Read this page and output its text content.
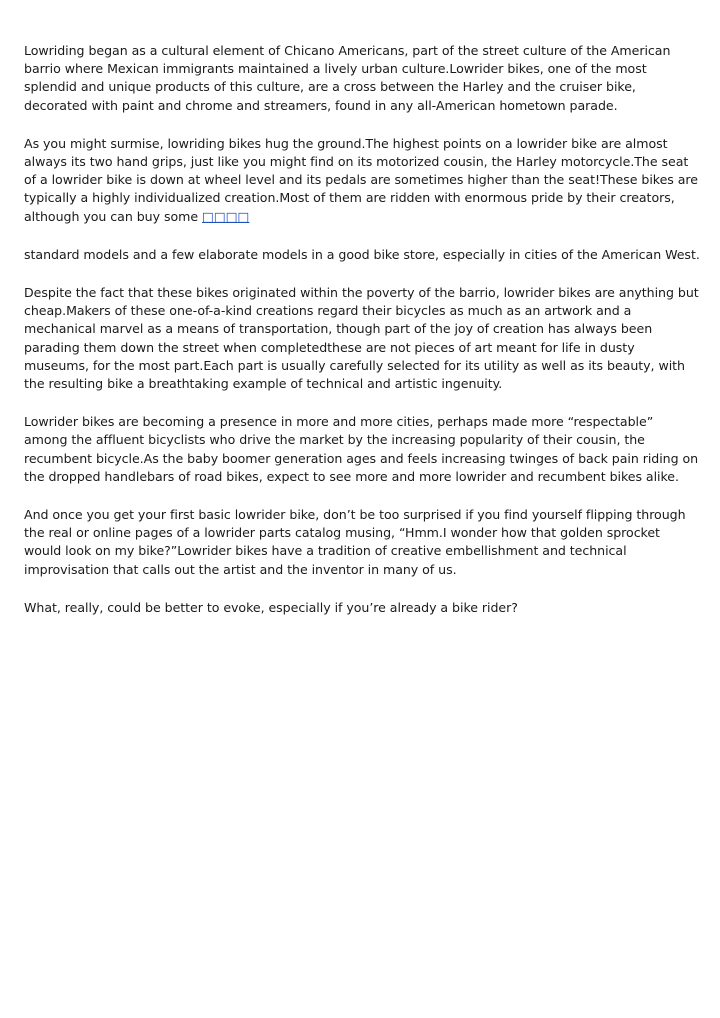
Lowriding began as a cultural element of Chicano Americans, part of the street culture of the American barrio where Mexican immigrants maintained a lively urban culture.Lowrider bikes, one of the most splendid and unique products of this culture, are a cross between the Harley and the cruiser bike, decorated with paint and chrome and streamers, found in any all-American hometown parade.

As you might surmise, lowriding bikes hug the ground.The highest points on a lowrider bike are almost always its two hand grips, just like you might find on its motorized cousin, the Harley motorcycle.The seat of a lowrider bike is down at wheel level and its pedals are sometimes higher than the seat!These bikes are typically a highly individualized creation.Most of them are ridden with enormous pride by their creators, although you can buy some □□□□

standard models and a few elaborate models in a good bike store, especially in cities of the American West.

Despite the fact that these bikes originated within the poverty of the barrio, lowrider bikes are anything but cheap.Makers of these one-of-a-kind creations regard their bicycles as much as an artwork and a mechanical marvel as a means of transportation, though part of the joy of creation has always been parading them down the street when completedthese are not pieces of art meant for life in dusty museums, for the most part.Each part is usually carefully selected for its utility as well as its beauty, with the resulting bike a breathtaking example of technical and artistic ingenuity.

Lowrider bikes are becoming a presence in more and more cities, perhaps made more “respectable” among the affluent bicyclists who drive the market by the increasing popularity of their cousin, the recumbent bicycle.As the baby boomer generation ages and feels increasing twinges of back pain riding on the dropped handlebars of road bikes, expect to see more and more lowrider and recumbent bikes alike.

And once you get your first basic lowrider bike, don’t be too surprised if you find yourself flipping through the real or online pages of a lowrider parts catalog musing, “Hmm.I wonder how that golden sprocket would look on my bike?”Lowrider bikes have a tradition of creative embellishment and technical improvisation that calls out the artist and the inventor in many of us.

What, really, could be better to evoke, especially if you’re already a bike rider?
